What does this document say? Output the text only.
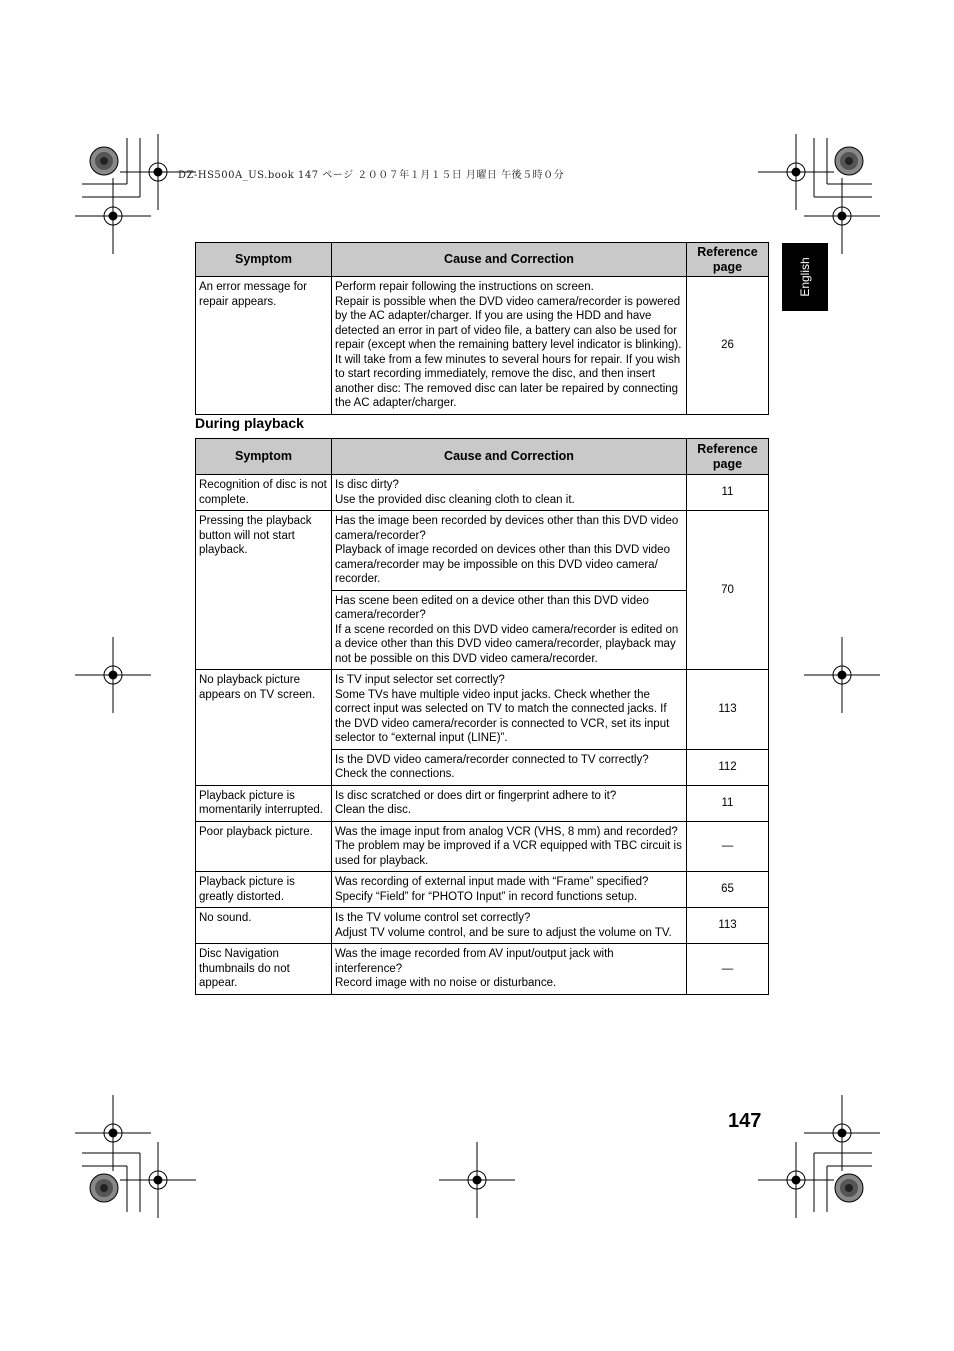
DZ-HS500A_US.book 147 ページ ２００７年１月１５日 月曜日 午後５時０分
English
Symptom	Cause and Correction	Reference
page

An error message for repair appears.	Perform repair following the instructions on screen.
Repair is possible when the DVD video camera/recorder is powered by the AC adapter/charger. If you are using the HDD and have detected an error in part of video file, a battery can also be used for repair (except when the remaining battery level indicator is blinking).
It will take from a few minutes to several hours for repair. If you wish to start recording immediately, remove the disc, and then insert another disc: The removed disc can later be repaired by connecting the AC adapter/charger.	26
During playback
Symptom	Cause and Correction	Reference
page

Recognition of disc is not complete.	Is disc dirty?
Use the provided disc cleaning cloth to clean it.	11
Pressing the playback button will not start playback.	Has the image been recorded by devices other than this DVD video camera/recorder?
Playback of image recorded on devices other than this DVD video camera/recorder may be impossible on this DVD video camera/ recorder.	70

	Has scene been edited on a device other than this DVD video camera/recorder?
If a scene recorded on this DVD video camera/recorder is edited on a device other than this DVD video camera/recorder, playback may not be possible on this DVD video camera/recorder.	

No playback picture appears on TV screen.	Is TV input selector set correctly?
Some TVs have multiple video input jacks. Check whether the correct input was selected on TV to match the connected jacks. If the DVD video camera/recorder is connected to VCR, set its input selector to “external input (LINE)”.	113

	Is the DVD video camera/recorder connected to TV correctly?
Check the connections.	112
Playback picture is momentarily interrupted.	Is disc scratched or does dirt or fingerprint adhere to it?
Clean the disc.	11
Poor playback picture.	Was the image input from analog VCR (VHS, 8 mm) and recorded?
The problem may be improved if a VCR equipped with TBC circuit is used for playback.	—
Playback picture is greatly distorted.	Was recording of external input made with “Frame” specified?
Specify “Field” for “PHOTO Input” in record functions setup.	65
No sound.	Is the TV volume control set correctly?
Adjust TV volume control, and be sure to adjust the volume on TV.	113
Disc Navigation thumbnails do not appear.	Was the image recorded from AV input/output jack with interference?
Record image with no noise or disturbance.	—
147
